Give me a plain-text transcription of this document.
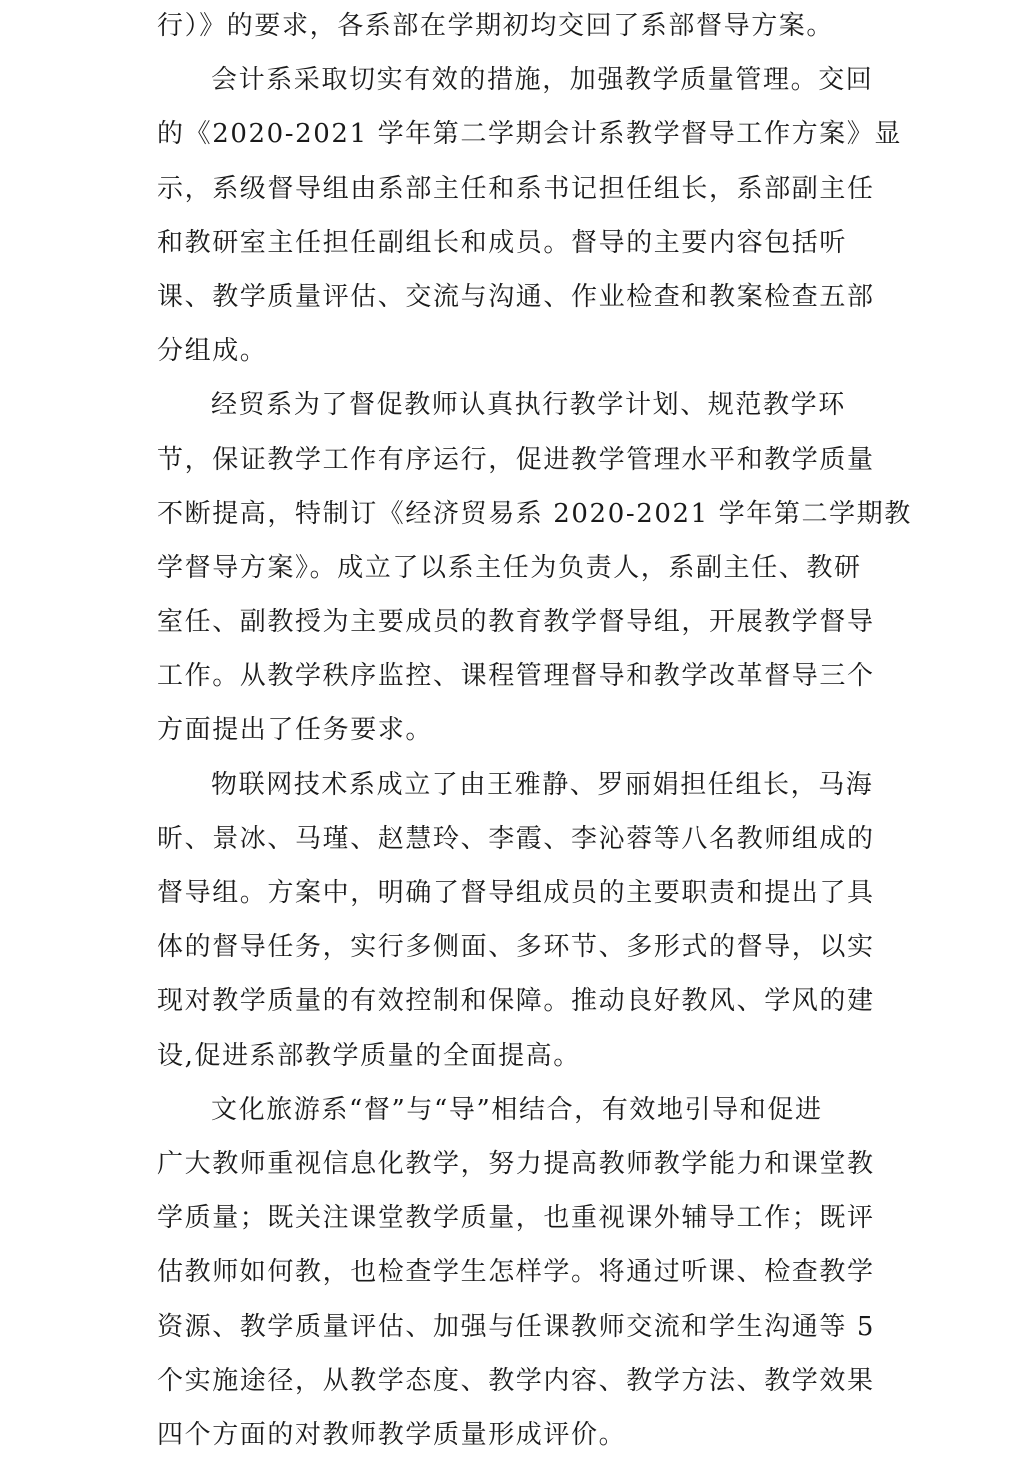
行）》的要求，各系部在学期初均交回了系部督导方案。
会计系采取切实有效的措施，加强教学质量管理。交回
的《2020-2021 学年第二学期会计系教学督导工作方案》显
示，系级督导组由系部主任和系书记担任组长，系部副主任
和教研室主任担任副组长和成员。督导的主要内容包括听
课、教学质量评估、交流与沟通、作业检查和教案检查五部
分组成。
经贸系为了督促教师认真执行教学计划、规范教学环
节，保证教学工作有序运行，促进教学管理水平和教学质量
不断提高，特制订《经济贸易系 2020-2021 学年第二学期教
学督导方案》。成立了以系主任为负责人，系副主任、教研
室任、副教授为主要成员的教育教学督导组，开展教学督导
工作。从教学秩序监控、课程管理督导和教学改革督导三个
方面提出了任务要求。
物联网技术系成立了由王雅静、罗丽娟担任组长，马海
昕、景冰、马瑾、赵慧玲、李霞、李沁蓉等八名教师组成的
督导组。方案中，明确了督导组成员的主要职责和提出了具
体的督导任务，实行多侧面、多环节、多形式的督导，以实
现对教学质量的有效控制和保障。推动良好教风、学风的建
设,促进系部教学质量的全面提高。
文化旅游系“督”与“导”相结合，有效地引导和促进
广大教师重视信息化教学，努力提高教师教学能力和课堂教
学质量；既关注课堂教学质量，也重视课外辅导工作；既评
估教师如何教，也检查学生怎样学。将通过听课、检查教学
资源、教学质量评估、加强与任课教师交流和学生沟通等 5
个实施途径，从教学态度、教学内容、教学方法、教学效果
四个方面的对教师教学质量形成评价。
